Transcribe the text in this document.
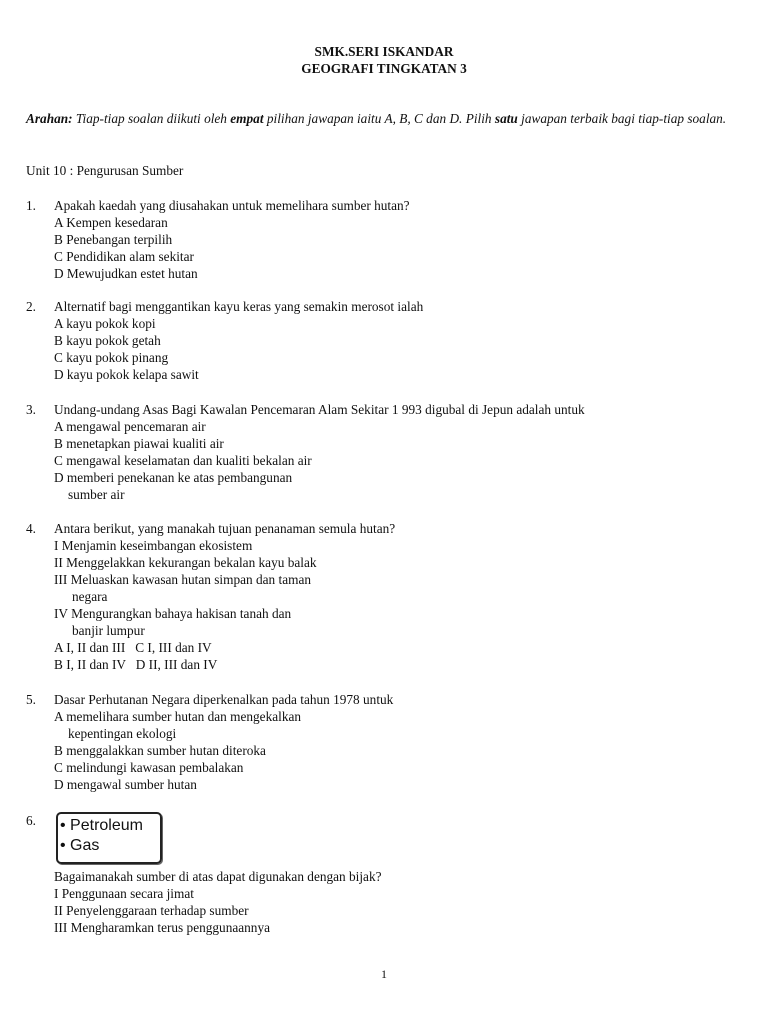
SMK.SERI ISKANDAR
GEOGRAFI TINGKATAN 3
Arahan: Tiap-tiap soalan diikuti oleh empat pilihan jawapan iaitu A, B, C dan D. Pilih satu jawapan terbaik bagi tiap-tiap soalan.
Unit 10 : Pengurusan Sumber
1. Apakah kaedah yang diusahakan untuk memelihara sumber hutan?
A Kempen kesedaran
B Penebangan terpilih
C Pendidikan alam sekitar
D Mewujudkan estet hutan
2. Alternatif bagi menggantikan kayu keras yang semakin merosot ialah
A kayu pokok kopi
B kayu pokok getah
C kayu pokok pinang
D kayu pokok kelapa sawit
3. Undang-undang Asas Bagi Kawalan Pencemaran Alam Sekitar 1 993 digubal di Jepun adalah untuk
A mengawal pencemaran air
B menetapkan piawai kualiti air
C mengawal keselamatan dan kualiti bekalan air
D memberi penekanan ke atas pembangunan
sumber air
4. Antara berikut, yang manakah tujuan penanaman semula hutan?
I Menjamin keseimbangan ekosistem
II Menggelakkan kekurangan bekalan kayu balak
III Meluaskan kawasan hutan simpan dan taman
negara
IV Mengurangkan bahaya hakisan tanah dan
banjir lumpur
A I, II dan III   C I, III dan IV
B I, II dan IV   D II, III dan IV
5. Dasar Perhutanan Negara diperkenalkan pada tahun 1978 untuk
A memelihara sumber hutan dan mengekalkan
kepentingan ekologi
B menggalakkan sumber hutan diteroka
C melindungi kawasan pembalakan
D mengawal sumber hutan
6. • Petroleum
• Gas
Bagaimanakah sumber di atas dapat digunakan dengan bijak?
I Penggunaan secara jimat
II Penyelenggaraan terhadap sumber
III Mengharamkan terus penggunaannya
1
